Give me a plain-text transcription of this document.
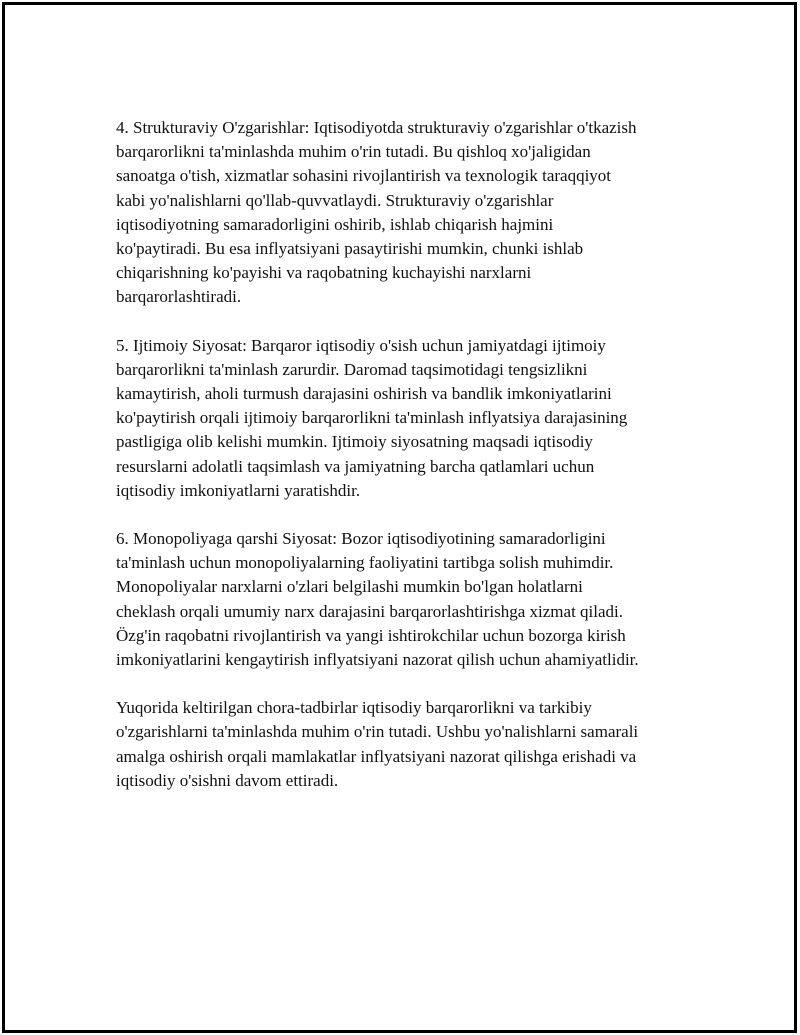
4. Strukturaviy O'zgarishlar: Iqtisodiyotda strukturaviy o'zgarishlar o'tkazish
barqarorlikni ta'minlashda muhim o'rin tutadi. Bu qishloq xo'jaligidan
sanoatga o'tish, xizmatlar sohasini rivojlantirish va texnologik taraqqiyot
kabi yo'nalishlarni qo'llab-quvvatlaydi. Strukturaviy o'zgarishlar
iqtisodiyotning samaradorligini oshirib, ishlab chiqarish hajmini
ko'paytiradi. Bu esa inflyatsiyani pasaytirishi mumkin, chunki ishlab
chiqarishning ko'payishi va raqobatning kuchayishi narxlarni
barqarorlashtiradi.

5. Ijtimoiy Siyosat: Barqaror iqtisodiy o'sish uchun jamiyatdagi ijtimoiy
barqarorlikni ta'minlash zarurdir. Daromad taqsimotidagi tengsizlikni
kamaytirish, aholi turmush darajasini oshirish va bandlik imkoniyatlarini
ko'paytirish orqali ijtimoiy barqarorlikni ta'minlash inflyatsiya darajasining
pastligiga olib kelishi mumkin. Ijtimoiy siyosatning maqsadi iqtisodiy
resurslarni adolatli taqsimlash va jamiyatning barcha qatlamlari uchun
iqtisodiy imkoniyatlarni yaratishdir.

6. Monopoliyaga qarshi Siyosat: Bozor iqtisodiyotining samaradorligini
ta'minlash uchun monopoliyalarning faoliyatini tartibga solish muhimdir.
Monopoliyalar narxlarni o'zlari belgilashi mumkin bo'lgan holatlarni
cheklash orqali umumiy narx darajasini barqarorlashtirishga xizmat qiladi.
Özg'in raqobatni rivojlantirish va yangi ishtirokchilar uchun bozorga kirish
imkoniyatlarini kengaytirish inflyatsiyani nazorat qilish uchun ahamiyatlidir.

Yuqorida keltirilgan chora-tadbirlar iqtisodiy barqarorlikni va tarkibiy
o'zgarishlarni ta'minlashda muhim o'rin tutadi. Ushbu yo'nalishlarni samarali
amalga oshirish orqali mamlakatlar inflyatsiyani nazorat qilishga erishadi va
iqtisodiy o'sishni davom ettiradi.
